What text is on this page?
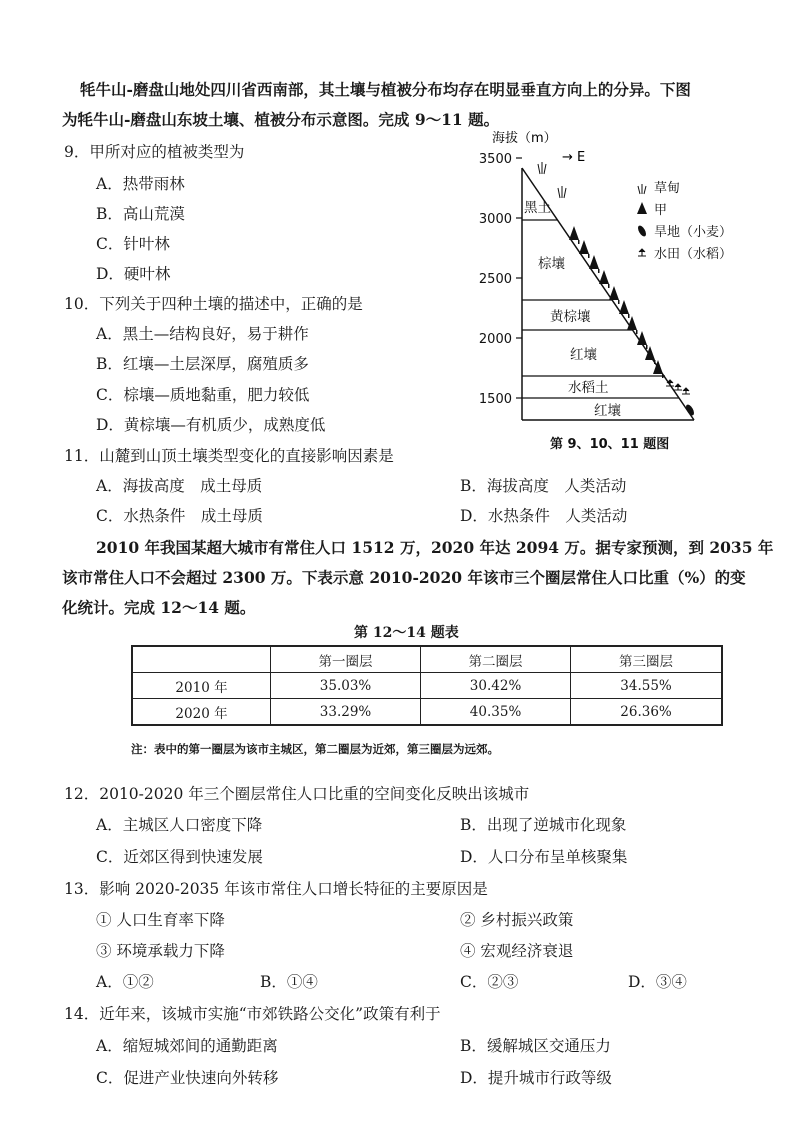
牦牛山-磨盘山地处四川省西南部，其土壤与植被分布均存在明显垂直方向上的分异。下图
为牦牛山-磨盘山东坡土壤、植被分布示意图。完成 9～11 题。
9．甲所对应的植被类型为
A．热带雨林
B．高山荒漠
C．针叶林
D．硬叶林
10．下列关于四种土壤的描述中，正确的是
A．黑土—结构良好，易于耕作
B．红壤—土层深厚，腐殖质多
C．棕壤—质地黏重，肥力较低
D．黄棕壤—有机质少，成熟度低
海拔（m）
→ E
3500
3000
2500
2000
1500
黑土
棕壤
黄棕壤
红壤
水稻土
红壤
草甸
甲
旱地（小麦）
水田（水稻）
第 9、10、11 题图
11．山麓到山顶土壤类型变化的直接影响因素是
A．海拔高度　成土母质	B．海拔高度　人类活动
C．水热条件　成土母质	D．水热条件　人类活动
2010 年我国某超大城市有常住人口 1512 万，2020 年达 2094 万。据专家预测，到 2035 年
该市常住人口不会超过 2300 万。下表示意 2010-2020 年该市三个圈层常住人口比重（%）的变
化统计。完成 12～14 题。
第 12～14 题表
	第一圈层	第二圈层	第三圈层
2010 年	35.03%	30.42%	34.55%
2020 年	33.29%	40.35%	26.36%
注：表中的第一圈层为该市主城区，第二圈层为近郊，第三圈层为远郊。
12．2010-2020 年三个圈层常住人口比重的空间变化反映出该城市
A．主城区人口密度下降	B．出现了逆城市化现象
C．近郊区得到快速发展	D．人口分布呈单核聚集
13．影响 2020-2035 年该市常住人口增长特征的主要原因是
① 人口生育率下降	② 乡村振兴政策
③ 环境承载力下降	④ 宏观经济衰退
A．①②	B．①④	C．②③	D．③④
14．近年来，该城市实施“市郊铁路公交化”政策有利于
A．缩短城郊间的通勤距离	B．缓解城区交通压力
C．促进产业快速向外转移	D．提升城市行政等级
